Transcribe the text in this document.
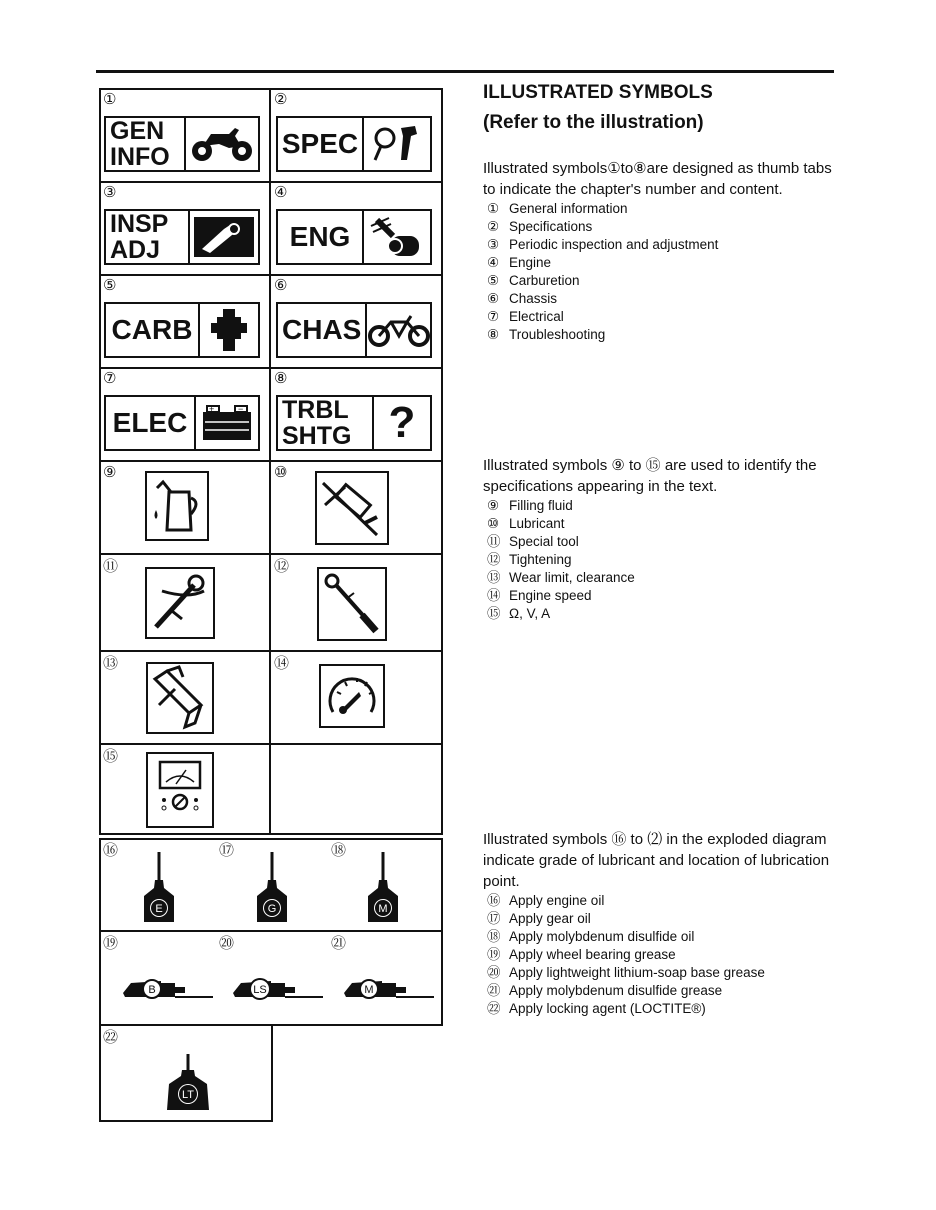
①	②
③	④
⑤	⑥
⑦	⑧
⑨	⑩
⑪	⑫
⑬	⑭
⑮
⑯	⑰	⑱
⑲	⑳	㉑
㉒
GEN
INFO	SPEC
INSP
ADJ	ENG
CARB	CHAS
ELEC	+	− TRBL
SHTG ?
E	G	M
B	LS	M
LT
ILLUSTRATED SYMBOLS
(Refer to the illustration)

Illustrated symbols①to⑧are designed as thumb tabs to indicate the chapter's number and content.

① General information
② Specifications
③ Periodic inspection and adjustment
④ Engine
⑤ Carburetion
⑥ Chassis
⑦ Electrical
⑧ Troubleshooting

Illustrated symbols ⑨ to ⑮ are used to identify the specifications appearing in the text.

⑨ Filling fluid
⑩ Lubricant
⑪ Special tool
⑫ Tightening
⑬ Wear limit, clearance
⑭ Engine speed
⑮ Ω, V, A

Illustrated symbols ⑯ to ⑵ in the exploded diagram indicate grade of lubricant and location of lubrication point.

⑯ Apply engine oil
⑰ Apply gear oil
⑱ Apply molybdenum disulfide oil
⑲ Apply wheel bearing grease
⑳ Apply lightweight lithium-soap base grease
㉑ Apply molybdenum disulfide grease
㉒ Apply locking agent (LOCTITE®)
